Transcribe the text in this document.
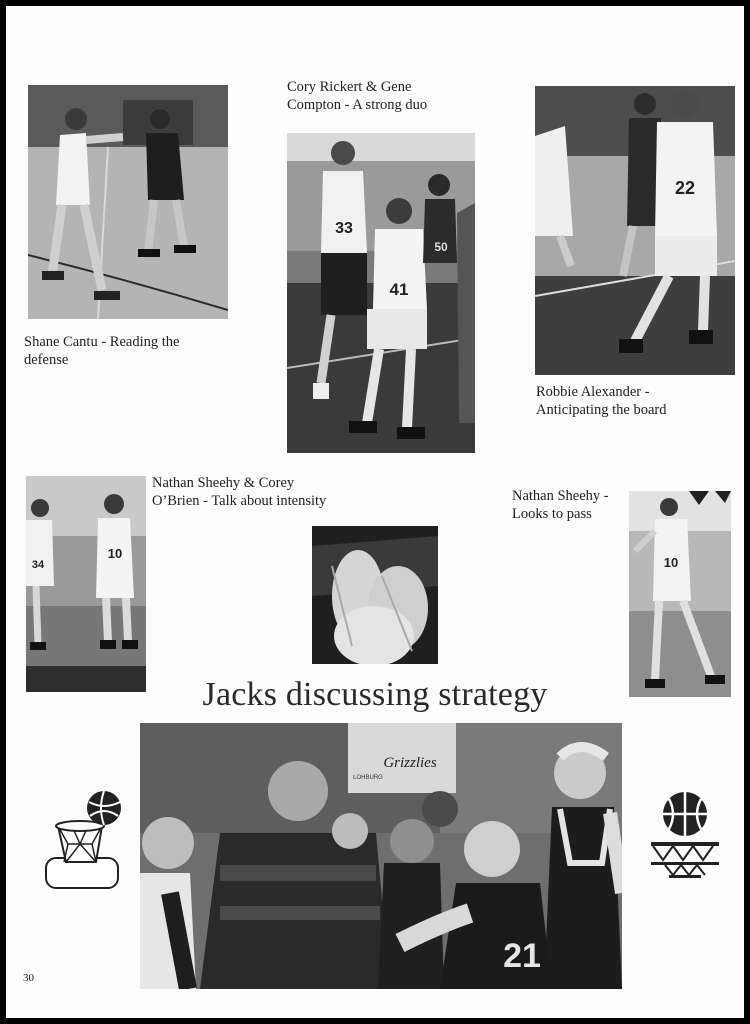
Shane Cantu - Reading the
defense

Cory Rickert & Gene
Compton - A strong duo

33
41
50
22

Robbie Alexander -
Anticipating the board

34
10

Nathan Sheehy & Corey
O’Brien - Talk about intensity	Nathan Sheehy -
Looks to pass

10
Jacks discussing strategy
Grizzlies
LOHBURG
21
30
